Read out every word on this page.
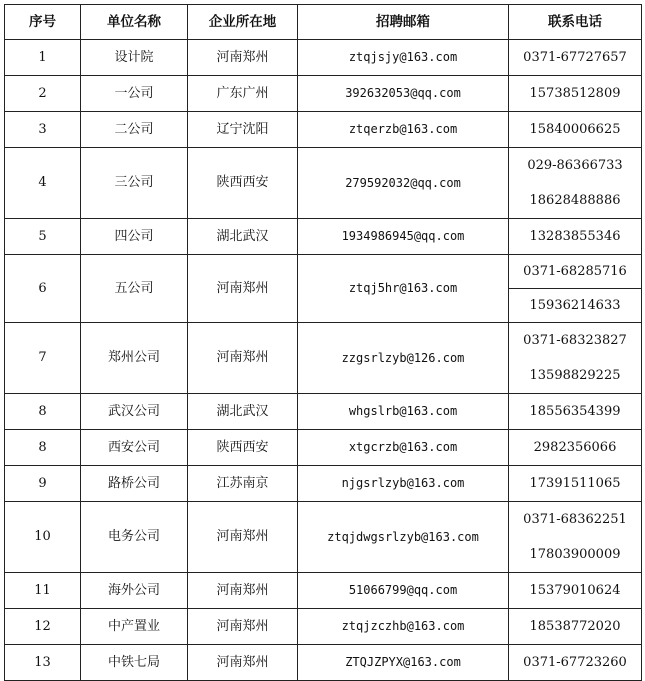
序号	单位名称	企业所在地	招聘邮箱	联系电话
1	设计院	河南郑州	ztqjsjy@163.com	0371-67727657

2	一公司	广东广州	392632053@qq.com	15738512809

3	二公司	辽宁沈阳	ztqerzb@163.com	15840006625

4	三公司	陕西西安	279592032@qq.com	029-86366733
18628488886

5	四公司	湖北武汉	1934986945@qq.com	13283855346

6	五公司	河南郑州	ztqj5hr@163.com	0371-68285716
				15936214633
7	郑州公司	河南郑州	zzgsrlzyb@126.com	0371-68323827
13598829225

8	武汉公司	湖北武汉	whgslrb@163.com	18556354399

8	西安公司	陕西西安	xtgcrzb@163.com	2982356066

9	路桥公司	江苏南京	njgsrlzyb@163.com	17391511065

10	电务公司	河南郑州	ztqjdwgsrlzyb@163.com	0371-68362251
17803900009

11	海外公司	河南郑州	51066799@qq.com	15379010624

12	中产置业	河南郑州	ztqjzczhb@163.com	18538772020

13	中铁七局	河南郑州	ZTQJZPYX@163.com	0371-67723260
